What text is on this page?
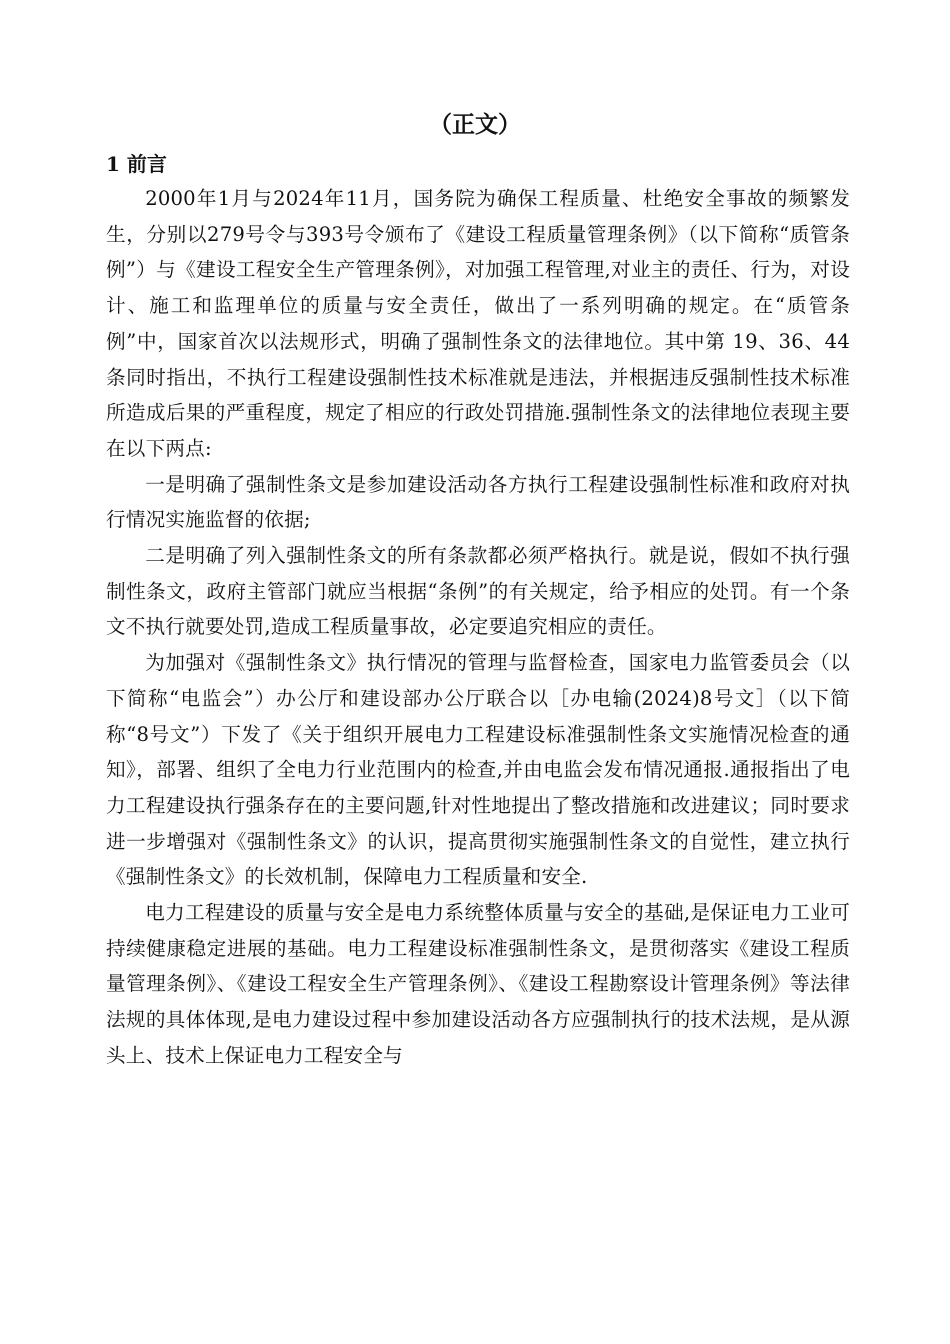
（正文）
1 前言

2000年1月与2024年11月，国务院为确保工程质量、杜绝安全事故的频繁发生，分别以279号令与393号令颁布了《建设工程质量管理条例》（以下简称“质管条例”）与《建设工程安全生产管理条例》，对加强工程管理,对业主的责任、行为，对设计、施工和监理单位的质量与安全责任，做出了一系列明确的规定。在“质管条例”中，国家首次以法规形式，明确了强制性条文的法律地位。其中第 19、36、44条同时指出，不执行工程建设强制性技术标准就是违法，并根据违反强制性技术标准所造成后果的严重程度，规定了相应的行政处罚措施.强制性条文的法律地位表现主要在以下两点:

一是明确了强制性条文是参加建设活动各方执行工程建设强制性标准和政府对执行情况实施监督的依据;

二是明确了列入强制性条文的所有条款都必须严格执行。就是说，假如不执行强制性条文，政府主管部门就应当根据“条例”的有关规定，给予相应的处罚。有一个条文不执行就要处罚,造成工程质量事故，必定要追究相应的责任。

为加强对《强制性条文》执行情况的管理与监督检查，国家电力监管委员会（以下简称“电监会”）办公厅和建设部办公厅联合以［办电输(2024)8号文］（以下简称“8号文”）下发了《关于组织开展电力工程建设标准强制性条文实施情况检查的通知》，部署、组织了全电力行业范围内的检查,并由电监会发布情况通报.通报指出了电力工程建设执行强条存在的主要问题,针对性地提出了整改措施和改进建议；同时要求进一步增强对《强制性条文》的认识，提高贯彻实施强制性条文的自觉性，建立执行《强制性条文》的长效机制，保障电力工程质量和安全.

电力工程建设的质量与安全是电力系统整体质量与安全的基础,是保证电力工业可持续健康稳定进展的基础。电力工程建设标准强制性条文，是贯彻落实《建设工程质量管理条例》、《建设工程安全生产管理条例》、《建设工程勘察设计管理条例》等法律法规的具体体现,是电力建设过程中参加建设活动各方应强制执行的技术法规，是从源头上、技术上保证电力工程安全与
